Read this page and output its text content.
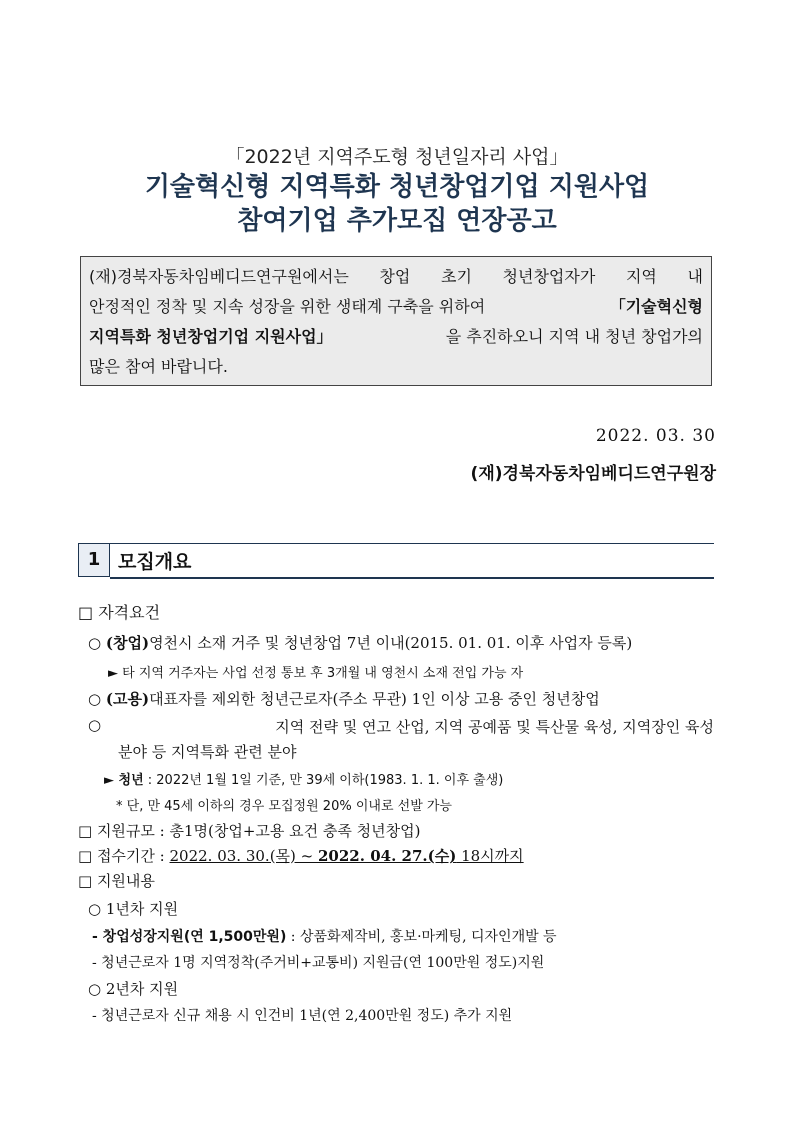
「2022년 지역주도형 청년일자리 사업」
기술혁신형 지역특화 청년창업기업 지원사업
참여기업 추가모집 연장공고
(재)경북자동차임베디드연구원에서는 창업 초기 청년창업자가 지역 내
안정적인 정착 및 지속 성장을 위한 생태계 구축을 위하여	「기술혁신형
지역특화 청년창업기업 지원사업」	을 추진하오니 지역 내 청년 창업가의
많은 참여 바랍니다.
2022. 03. 30
(재)경북자동차임베디드연구원장
1 모집개요
□ 자격요건
○ (창업)영천시 소재 거주 및 청년창업 7년 이내(2015. 01. 01. 이후 사업자 등록)
► 타 지역 거주자는 사업 선정 통보 후 3개월 내 영천시 소재 전입 가능 자
○ (고용)대표자를 제외한 청년근로자(주소 무관) 1인 이상 고용 중인 청년창업
○	지역 전략 및 연고 산업, 지역 공예품 및 특산물 육성, 지역장인 육성
분야 등 지역특화 관련 분야
► 청년 : 2022년 1월 1일 기준, 만 39세 이하(1983. 1. 1. 이후 출생)
* 단, 만 45세 이하의 경우 모집정원 20% 이내로 선발 가능
□ 지원규모 : 총1명(창업+고용 요건 충족 청년창업)
□ 접수기간 : 2022. 03. 30.(목) ~ 2022. 04. 27.(수) 18시까지
□ 지원내용
○ 1년차 지원
- 창업성장지원(연 1,500만원) : 상품화제작비, 홍보·마케팅, 디자인개발 등
- 청년근로자 1명 지역정착(주거비+교통비) 지원금(연 100만원 정도)지원
○ 2년차 지원
- 청년근로자 신규 채용 시 인건비 1년(연 2,400만원 정도) 추가 지원
